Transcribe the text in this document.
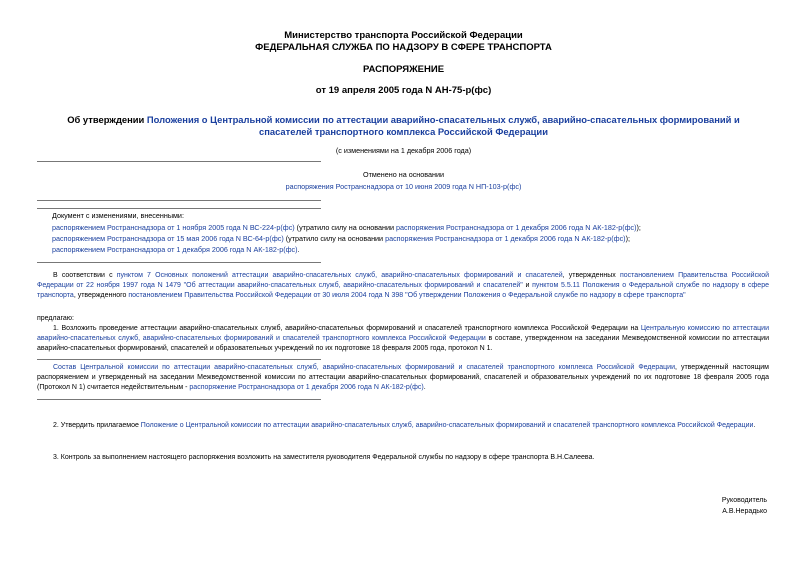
Министерство транспорта Российской Федерации
ФЕДЕРАЛЬНАЯ СЛУЖБА ПО НАДЗОРУ В СФЕРЕ ТРАНСПОРТА
РАСПОРЯЖЕНИЕ
от 19 апреля 2005 года N АН-75-р(фс)
Об утверждении Положения о Центральной комиссии по аттестации аварийно-спасательных служб, аварийно-спасательных формирований и спасателей транспортного комплекса Российской Федерации
(с изменениями на 1 декабря 2006 года)
Отменено на основании
распоряжения Ространснадзора от 10 июня 2009 года N НП-103-р(фс)
Документ с изменениями, внесенными:
распоряжением Ространснадзора от 1 ноября 2005 года N ВС-224-р(фс) (утратило силу на основании распоряжения Ространснадзора от 1 декабря 2006 года N АК-182-р(фс));
распоряжением Ространснадзора от 15 мая 2006 года N ВС-64-р(фс) (утратило силу на основании распоряжения Ространснадзора от 1 декабря 2006 года N АК-182-р(фс));
распоряжением Ространснадзора от 1 декабря 2006 года N АК-182-р(фс).
В соответствии с пунктом 7 Основных положений аттестации аварийно-спасательных служб, аварийно-спасательных формирований и спасателей, утвержденных постановлением Правительства Российской Федерации от 22 ноября 1997 года N 1479 "Об аттестации аварийно-спасательных служб, аварийно-спасательных формирований и спасателей" и пунктом 5.5.11 Положения о Федеральной службе по надзору в сфере транспорта, утвержденного постановлением Правительства Российской Федерации от 30 июля 2004 года N 398 "Об утверждении Положения о Федеральной службе по надзору в сфере транспорта"
предлагаю:
1. Возложить проведение аттестации аварийно-спасательных служб, аварийно-спасательных формирований и спасателей транспортного комплекса Российской Федерации на Центральную комиссию по аттестации аварийно-спасательных служб, аварийно-спасательных формирований и спасателей транспортного комплекса Российской Федерации в составе, утвержденном на заседании Межведомственной комиссии по аттестации аварийно-спасательных формирований, спасателей и образовательных учреждений по их подготовке 18 февраля 2005 года, протокол N 1.
Состав Центральной комиссии по аттестации аварийно-спасательных служб, аварийно-спасательных формирований и спасателей транспортного комплекса Российской Федерации, утвержденный настоящим распоряжением и утвержденный на заседании Межведомственной комиссии по аттестации аварийно-спасательных формирований, спасателей и образовательных учреждений по их подготовке 18 февраля 2005 года (Протокол N 1) считается недействительным - распоряжение Ространснадзора от 1 декабря 2006 года N АК-182-р(фс).
2. Утвердить прилагаемое Положение о Центральной комиссии по аттестации аварийно-спасательных служб, аварийно-спасательных формирований и спасателей транспортного комплекса Российской Федерации.
3. Контроль за выполнением настоящего распоряжения возложить на заместителя руководителя Федеральной службы по надзору в сфере транспорта В.Н.Салеева.
Руководитель
А.В.Нерадько
